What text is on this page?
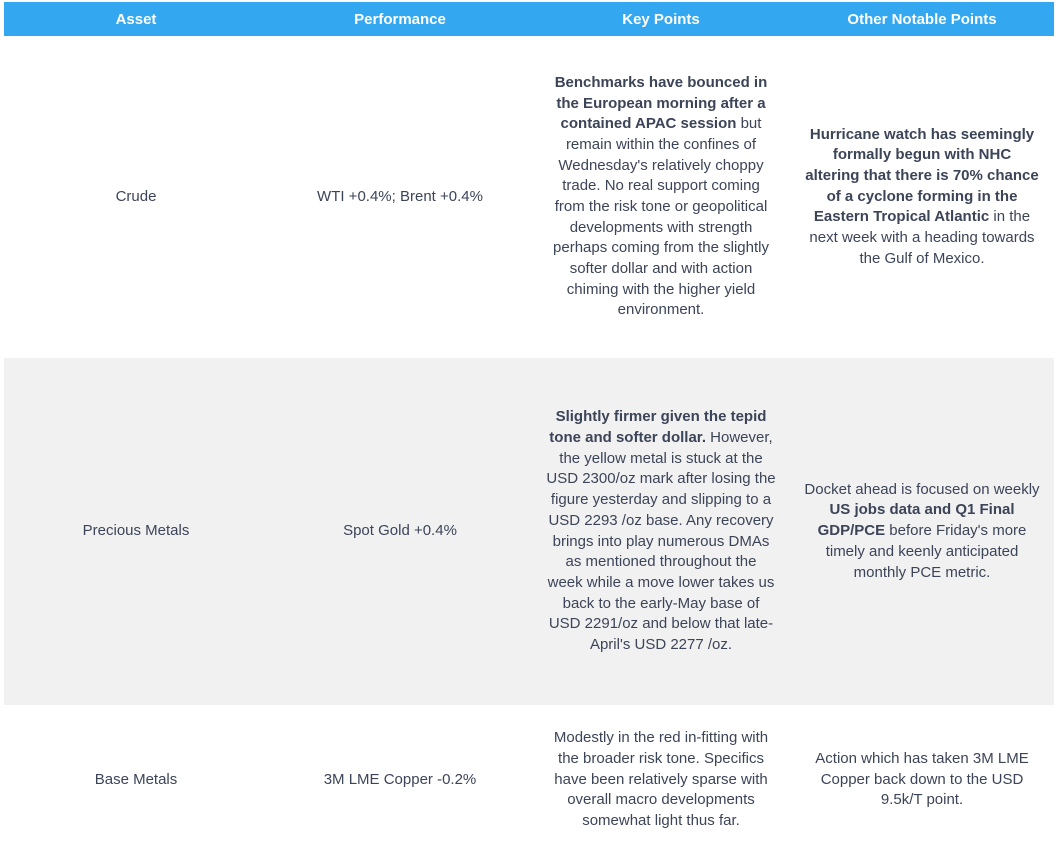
Asset	Performance	Key Points	Other Notable Points
Crude	WTI +0.4%; Brent +0.4%	Benchmarks have bounced in the European morning after a contained APAC session but remain within the confines of Wednesday's relatively choppy trade. No real support coming from the risk tone or geopolitical developments with strength perhaps coming from the slightly softer dollar and with action chiming with the higher yield environment.	Hurricane watch has seemingly formally begun with NHC altering that there is 70% chance of a cyclone forming in the Eastern Tropical Atlantic in the next week with a heading towards the Gulf of Mexico.
Precious Metals	Spot Gold +0.4%	Slightly firmer given the tepid tone and softer dollar. However, the yellow metal is stuck at the USD 2300/oz mark after losing the figure yesterday and slipping to a USD 2293 /oz base. Any recovery brings into play numerous DMAs as mentioned throughout the week while a move lower takes us back to the early-May base of USD 2291/oz and below that late-April's USD 2277 /oz.	Docket ahead is focused on weekly US jobs data and Q1 Final GDP/PCE before Friday's more timely and keenly anticipated monthly PCE metric.
Base Metals	3M LME Copper -0.2%	Modestly in the red in-fitting with the broader risk tone. Specifics have been relatively sparse with overall macro developments somewhat light thus far.	Action which has taken 3M LME Copper back down to the USD 9.5k/T point.
